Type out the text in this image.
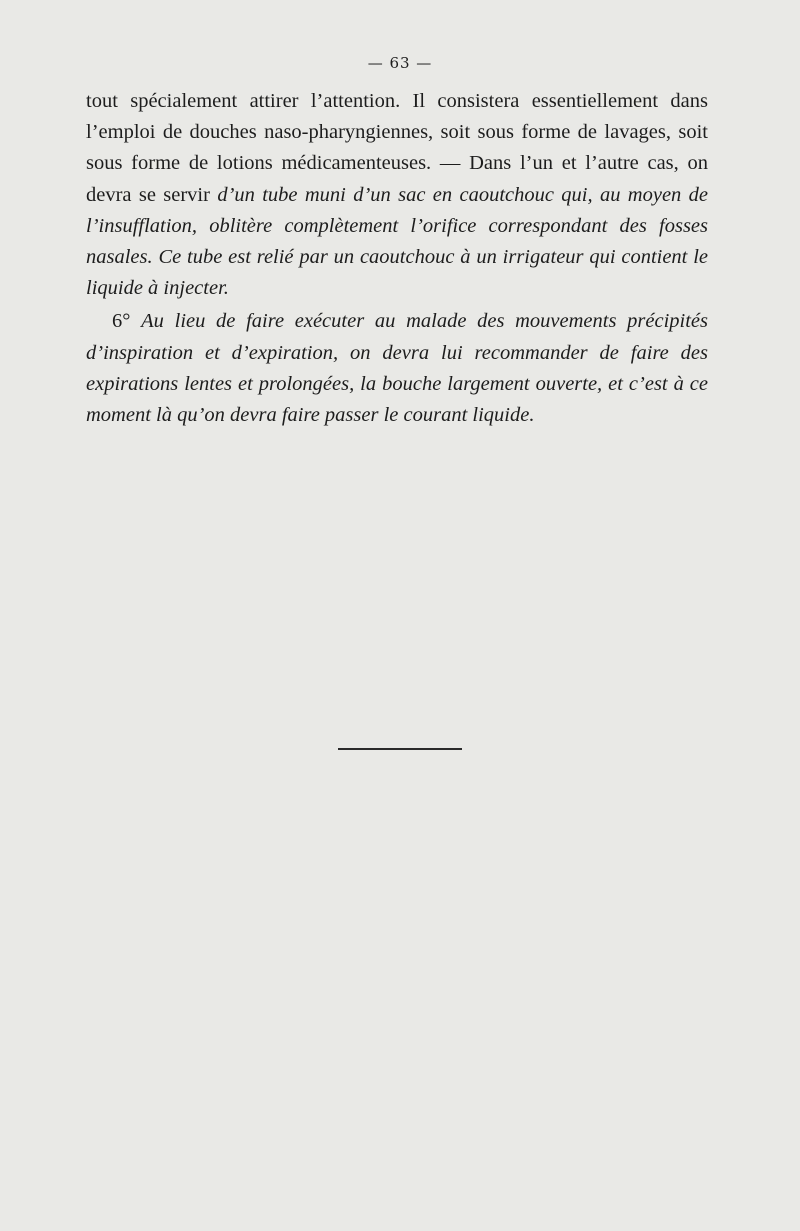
— 63 —

tout spécialement attirer l’attention. Il consistera essentiellement dans l’emploi de douches naso-pharyngiennes, soit sous forme de lavages, soit sous forme de lotions médicamenteuses. — Dans l’un et l’autre cas, on devra se servir d’un tube muni d’un sac en caoutchouc qui, au moyen de l’insufflation, oblitère complètement l’orifice correspondant des fosses nasales. Ce tube est relié par un caoutchouc à un irrigateur qui contient le liquide à injecter.

6° Au lieu de faire exécuter au malade des mouvements précipités d’inspiration et d’expiration, on devra lui recommander de faire des expirations lentes et prolongées, la bouche largement ouverte, et c’est à ce moment là qu’on devra faire passer le courant liquide.
